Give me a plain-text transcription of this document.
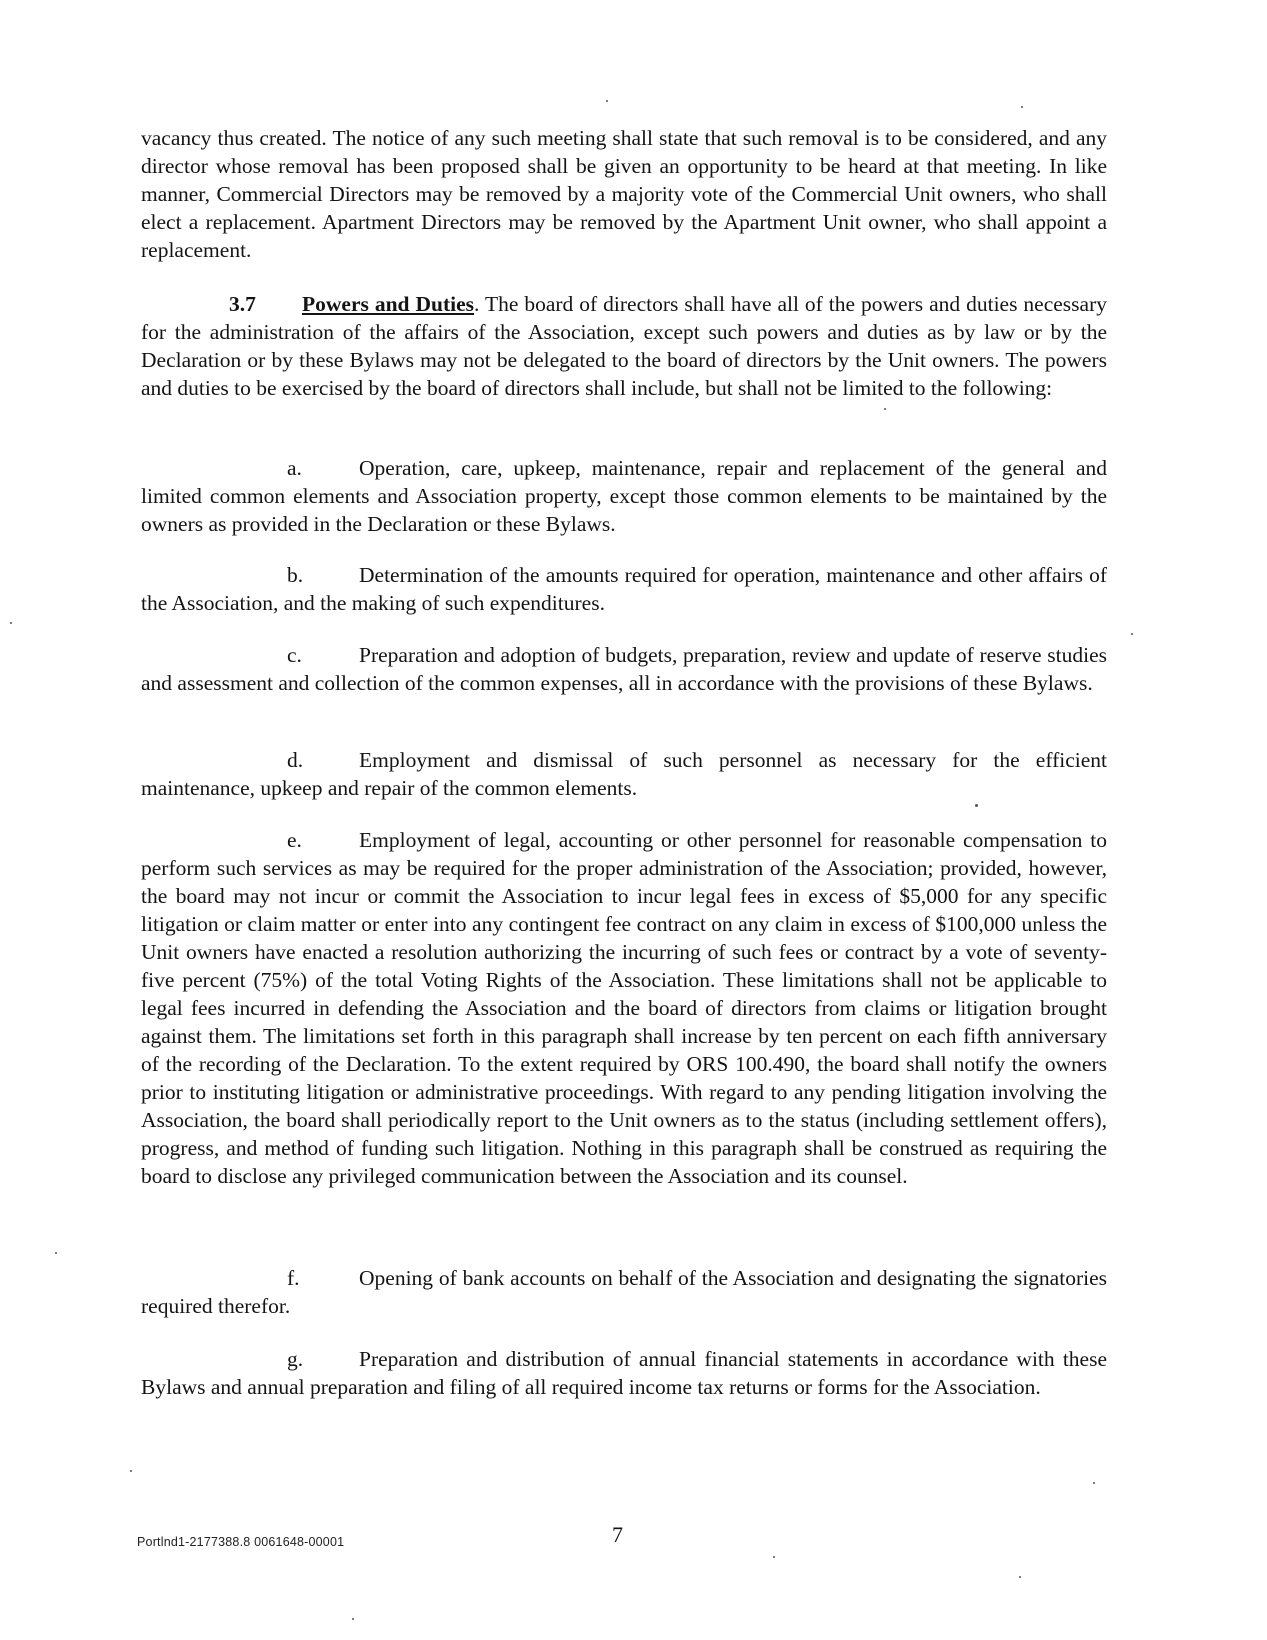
vacancy thus created. The notice of any such meeting shall state that such removal is to be considered, and any director whose removal has been proposed shall be given an opportunity to be heard at that meeting. In like manner, Commercial Directors may be removed by a majority vote of the Commercial Unit owners, who shall elect a replacement. Apartment Directors may be removed by the Apartment Unit owner, who shall appoint a replacement.

3.7 Powers and Duties. The board of directors shall have all of the powers and duties necessary for the administration of the affairs of the Association, except such powers and duties as by law or by the Declaration or by these Bylaws may not be delegated to the board of directors by the Unit owners. The powers and duties to be exercised by the board of directors shall include, but shall not be limited to the following:

a.	Operation, care, upkeep, maintenance, repair and replacement of the general and limited common elements and Association property, except those common elements to be maintained by the owners as provided in the Declaration or these Bylaws.

b.	Determination of the amounts required for operation, maintenance and other affairs of the Association, and the making of such expenditures.

c.	Preparation and adoption of budgets, preparation, review and update of reserve studies and assessment and collection of the common expenses, all in accordance with the provisions of these Bylaws.

d.	Employment and dismissal of such personnel as necessary for the efficient maintenance, upkeep and repair of the common elements.

e.	Employment of legal, accounting or other personnel for reasonable compensation to perform such services as may be required for the proper administration of the Association; provided, however, the board may not incur or commit the Association to incur legal fees in excess of $5,000 for any specific litigation or claim matter or enter into any contingent fee contract on any claim in excess of $100,000 unless the Unit owners have enacted a resolution authorizing the incurring of such fees or contract by a vote of seventy-five percent (75%) of the total Voting Rights of the Association. These limitations shall not be applicable to legal fees incurred in defending the Association and the board of directors from claims or litigation brought against them. The limitations set forth in this paragraph shall increase by ten percent on each fifth anniversary of the recording of the Declaration. To the extent required by ORS 100.490, the board shall notify the owners prior to instituting litigation or administrative proceedings. With regard to any pending litigation involving the Association, the board shall periodically report to the Unit owners as to the status (including settlement offers), progress, and method of funding such litigation. Nothing in this paragraph shall be construed as requiring the board to disclose any privileged communication between the Association and its counsel.

f.	Opening of bank accounts on behalf of the Association and designating the signatories required therefor.

g.	Preparation and distribution of annual financial statements in accordance with these Bylaws and annual preparation and filing of all required income tax returns or forms for the Association.

Portlnd1-2177388.8 0061648-00001	7
